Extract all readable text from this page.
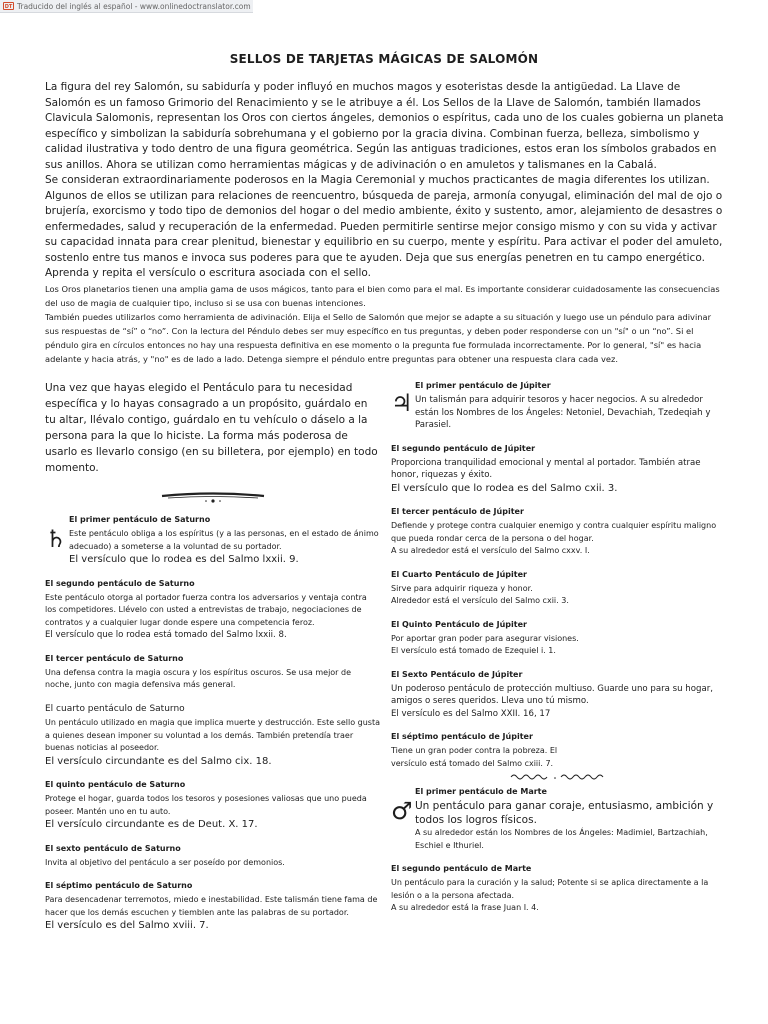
DT Traducido del inglés al español - www.onlinedoctranslator.com
SELLOS DE TARJETAS MÁGICAS DE SALOMÓN

La figura del rey Salomón, su sabiduría y poder influyó en muchos magos y esoteristas desde la antigüedad. La Llave de Salomón es un famoso Grimorio del Renacimiento y se le atribuye a él. Los Sellos de la Llave de Salomón, también llamados Clavicula Salomonis, representan los Oros con ciertos ángeles, demonios o espíritus, cada uno de los cuales gobierna un planeta específico y simbolizan la sabiduría sobrehumana y el gobierno por la gracia divina. Combinan fuerza, belleza, simbolismo y calidad ilustrativa y todo dentro de una figura geométrica. Según las antiguas tradiciones, estos eran los símbolos grabados en sus anillos. Ahora se utilizan como herramientas mágicas y de adivinación o en amuletos y talismanes en la Cabalá.

Se consideran extraordinariamente poderosos en la Magia Ceremonial y muchos practicantes de magia diferentes los utilizan. Algunos de ellos se utilizan para relaciones de reencuentro, búsqueda de pareja, armonía conyugal, eliminación del mal de ojo o brujería, exorcismo y todo tipo de demonios del hogar o del medio ambiente, éxito y sustento, amor, alejamiento de desastres o enfermedades, salud y recuperación de la enfermedad. Pueden permitirle sentirse mejor consigo mismo y con su vida y activar su capacidad innata para crear plenitud, bienestar y equilibrio en su cuerpo, mente y espíritu. Para activar el poder del amuleto, sostenlo entre tus manos e invoca sus poderes para que te ayuden. Deja que sus energías penetren en tu campo energético. Aprenda y repita el versículo o escritura asociada con el sello.

Los Oros planetarios tienen una amplia gama de usos mágicos, tanto para el bien como para el mal. Es importante considerar cuidadosamente las consecuencias del uso de magia de cualquier tipo, incluso si se usa con buenas intenciones.

También puedes utilizarlos como herramienta de adivinación. Elija el Sello de Salomón que mejor se adapte a su situación y luego use un péndulo para adivinar sus respuestas de “sí” o “no”. Con la lectura del Péndulo debes ser muy específico en tus preguntas, y deben poder responderse con un "sí" o un “no”. Si el péndulo gira en círculos entonces no hay una respuesta definitiva en ese momento o la pregunta fue formulada incorrectamente. Por lo general, "sí" es hacia adelante y hacia atrás, y "no" es de lado a lado. Detenga siempre el péndulo entre preguntas para obtener una respuesta clara cada vez.

Una vez que hayas elegido el Pentáculo para tu necesidad específica y lo hayas consagrado a un propósito, guárdalo en tu altar, llévalo contigo, guárdalo en tu vehículo o dáselo a la persona para la que lo hiciste. La forma más poderosa de usarlo es llevarlo consigo (en su billetera, por ejemplo) en todo momento.

♄

El primer pentáculo de Saturno

Este pentáculo obliga a los espíritus (y a las personas, en el estado de ánimo adecuado) a someterse a la voluntad de su portador.

El versículo que lo rodea es del Salmo lxxii. 9.

El segundo pentáculo de Saturno

Este pentáculo otorga al portador fuerza contra los adversarios y ventaja contra los competidores. Llévelo con usted a entrevistas de trabajo, negociaciones de contratos y a cualquier lugar donde espere una competencia feroz.

El versículo que lo rodea está tomado del Salmo lxxii. 8.

El tercer pentáculo de Saturno

Una defensa contra la magia oscura y los espíritus oscuros. Se usa mejor de noche, junto con magia defensiva más general.

El cuarto pentáculo de Saturno

Un pentáculo utilizado en magia que implica muerte y destrucción. Este sello gusta a quienes desean imponer su voluntad a los demás. También pretendía traer buenas noticias al poseedor.

El versículo circundante es del Salmo cix. 18.

El quinto pentáculo de Saturno

Protege el hogar, guarda todos los tesoros y posesiones valiosas que uno pueda poseer. Mantén uno en tu auto.

El versículo circundante es de Deut. X. 17.

El sexto pentáculo de Saturno

Invita al objetivo del pentáculo a ser poseído por demonios.

El séptimo pentáculo de Saturno

Para desencadenar terremotos, miedo e inestabilidad. Este talismán tiene fama de hacer que los demás escuchen y tiemblen ante las palabras de su portador.

El versículo es del Salmo xviii. 7.

♃

El primer pentáculo de Júpiter

Un talismán para adquirir tesoros y hacer negocios. A su alrededor están los Nombres de los Ángeles: Netoniel, Devachiah, Tzedeqiah y Parasiel.

El segundo pentáculo de Júpiter

Proporciona tranquilidad emocional y mental al portador. También atrae honor, riquezas y éxito.

El versículo que lo rodea es del Salmo cxii. 3.

El tercer pentáculo de Júpiter

Defiende y protege contra cualquier enemigo y contra cualquier espíritu maligno que pueda rondar cerca de la persona o del hogar.

A su alrededor está el versículo del Salmo cxxv. I.

El Cuarto Pentáculo de Júpiter

Sirve para adquirir riqueza y honor. Alrededor está el versículo del Salmo cxii. 3.

El Quinto Pentáculo de Júpiter

Por aportar gran poder para asegurar visiones.

El versículo está tomado de Ezequiel i. 1.

El Sexto Pentáculo de Júpiter

Un poderoso pentáculo de protección multiuso. Guarde uno para su hogar, amigos o seres queridos. Lleva uno tú mismo.

El versículo es del Salmo XXII. 16, 17

El séptimo pentáculo de Júpiter

Tiene un gran poder contra la pobreza. El versículo está tomado del Salmo cxiii. 7.

♂

El primer pentáculo de Marte

Un pentáculo para ganar coraje, entusiasmo, ambición y todos los logros físicos.

A su alrededor están los Nombres de los Ángeles: Madimiel, Bartzachiah, Eschiel e Ithuriel.

El segundo pentáculo de Marte

Un pentáculo para la curación y la salud; Potente si se aplica directamente a la lesión o a la persona afectada.

A su alrededor está la frase Juan I. 4.
